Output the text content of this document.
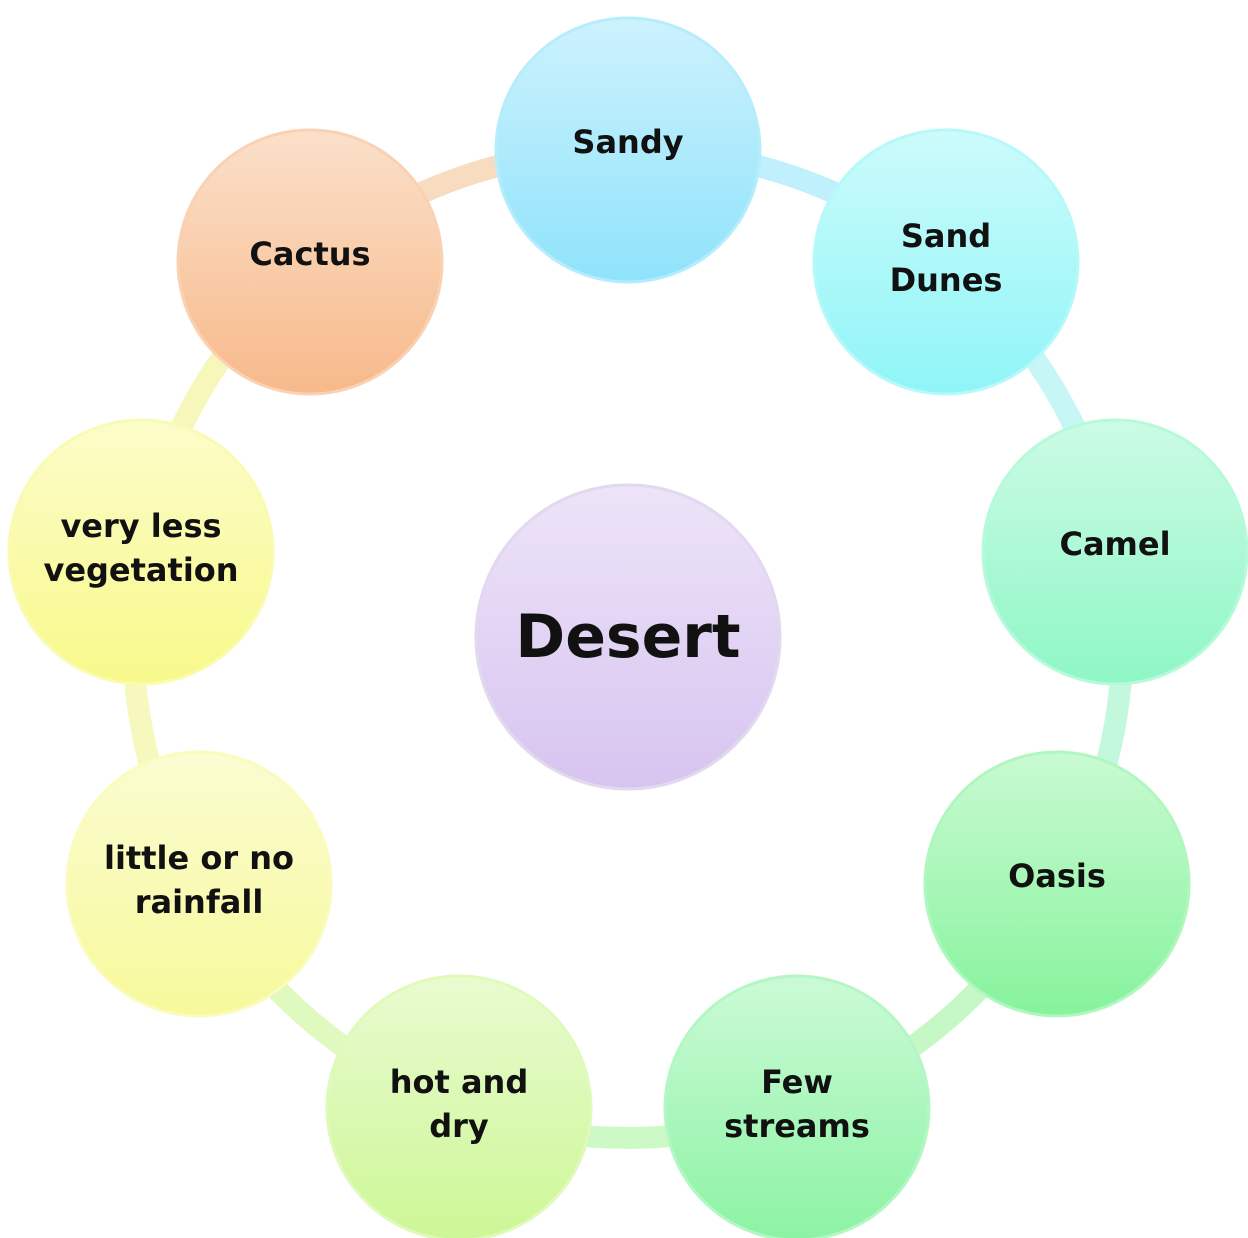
Desert
Sandy
Sand
Dunes
Camel
Oasis
Few
streams
hot and
dry
little or no
rainfall
very less
vegetation
Cactus
